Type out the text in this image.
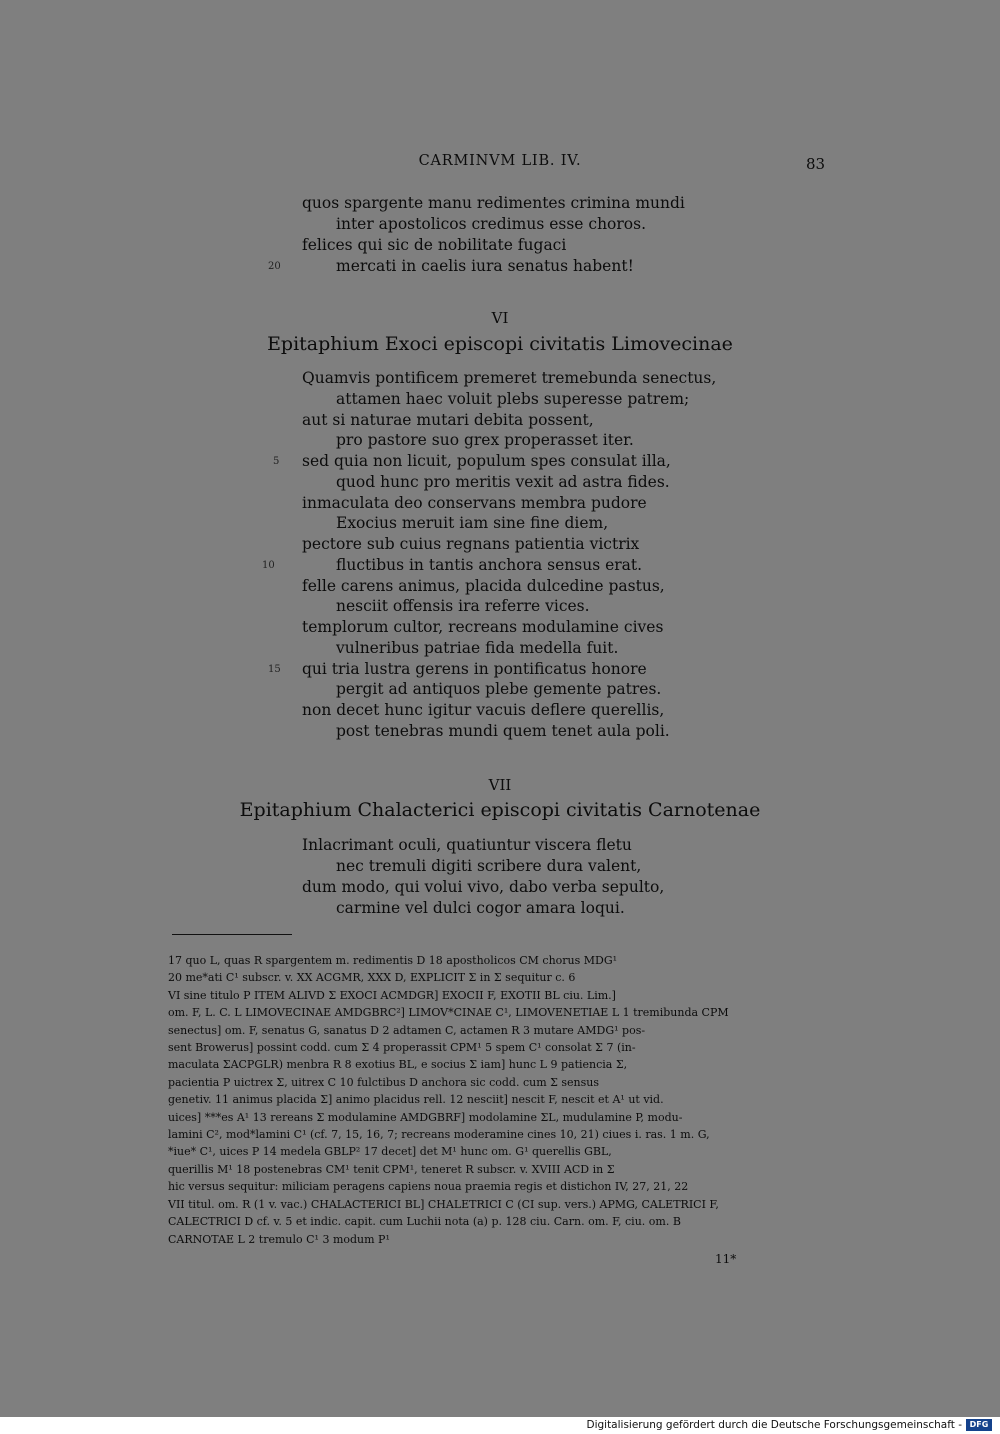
CARMINVM LIB. IV.	83
quos spargente manu redimentes crimina mundi
inter apostolicos credimus esse choros.
felices qui sic de nobilitate fugaci
20	mercati in caelis iura senatus habent!
VI
Epitaphium Exoci episcopi civitatis Limovecinae
Quamvis pontificem premeret tremebunda senectus,
attamen haec voluit plebs superesse patrem;
aut si naturae mutari debita possent,
pro pastore suo grex properasset iter.
5 sed quia non licuit, populum spes consulat illa,
quod hunc pro meritis vexit ad astra fides.
inmaculata deo conservans membra pudore
Exocius meruit iam sine fine diem,
pectore sub cuius regnans patientia victrix
10	fluctibus in tantis anchora sensus erat.
felle carens animus, placida dulcedine pastus,
nesciit offensis ira referre vices.
templorum cultor, recreans modulamine cives
vulneribus patriae fida medella fuit.
15 qui tria lustra gerens in pontificatus honore
pergit ad antiquos plebe gemente patres.
non decet hunc igitur vacuis deflere querellis,
post tenebras mundi quem tenet aula poli.
VII
Epitaphium Chalacterici episcopi civitatis Carnotenae
Inlacrimant oculi, quatiuntur viscera fletu
nec tremuli digiti scribere dura valent,
dum modo, qui volui vivo, dabo verba sepulto,
carmine vel dulci cogor amara loqui.
17 quo L, quas R spargentem m. redimentis D 18 apostholicos CM chorus MDG¹
20 me*ati C¹ subscr. v. XX ACGMR, XXX D, EXPLICIT Σ in Σ sequitur c. 6
VI sine titulo P ITEM ALIVD Σ EXOCI ACMDGR] EXOCII F, EXOTII BL ciu. Lim.]
om. F, L. C. L LIMOVECINAE AMDGBRC²] LIMOV*CINAE C¹, LIMOVENETIAE L 1 tremibunda CPM
senectus] om. F, senatus G, sanatus D 2 adtamen C, actamen R 3 mutare AMDG¹ pos-
sent Browerus] possint codd. cum Σ 4 properassit CPM¹ 5 spem C¹ consolat Σ 7 (in-
maculata ΣACPGLR) menbra R 8 exotius BL, e socius Σ iam] hunc L 9 patiencia Σ,
pacientia P uictrex Σ, uitrex C 10 fulctibus D anchora sic codd. cum Σ sensus
genetiv. 11 animus placida Σ] animo placidus rell. 12 nesciit] nescit F, nescit et A¹ ut vid.
uices] ***es A¹ 13 rereans Σ modulamine AMDGBRF] modolamine ΣL, mudulamine P, modu-
lamini C², mod*lamini C¹ (cf. 7, 15, 16, 7; recreans moderamine cines 10, 21) ciues i. ras. 1 m. G,
*iue* C¹, uices P 14 medela GBLP² 17 decet] det M¹ hunc om. G¹ querellis GBL,
querillis M¹ 18 postenebras CM¹ tenit CPM¹, teneret R subscr. v. XVIII ACD in Σ
hic versus sequitur: miliciam peragens capiens noua praemia regis et distichon IV, 27, 21, 22
VII titul. om. R (1 v. vac.) CHALACTERICI BL] CHALETRICI C (CI sup. vers.) APMG, CALETRICI F,
CALECTRICI D cf. v. 5 et indic. capit. cum Luchii nota (a) p. 128 ciu. Carn. om. F, ciu. om. B
CARNOTAE L 2 tremulo C¹ 3 modum P¹
11*
Digitalisierung gefördert durch die Deutsche Forschungsgemeinschaft - DFG
